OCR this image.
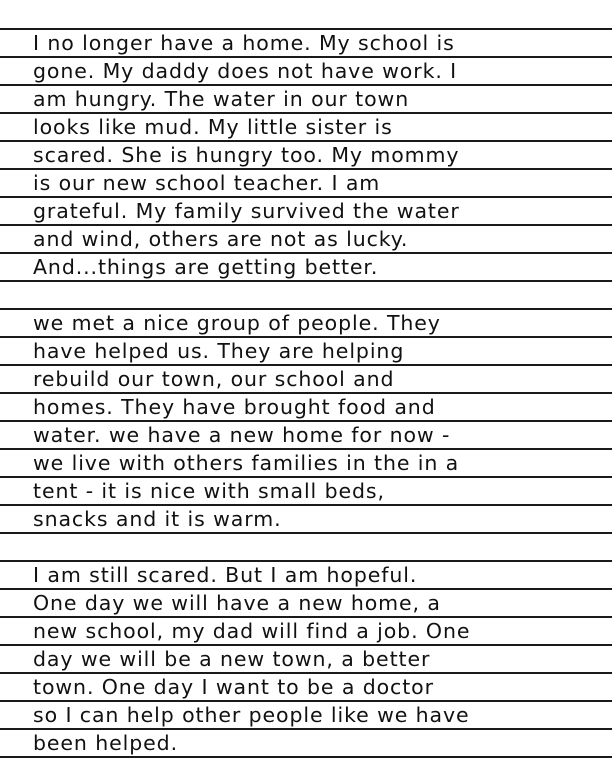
I no longer have a home. My school is
gone. My daddy does not have work. I
am hungry. The water in our town
looks like mud. My little sister is
scared. She is hungry too. My mommy
is our new school teacher. I am
grateful. My family survived the water
and wind, others are not as lucky.
And...things are getting better.
we met a nice group of people. They
have helped us. They are helping
rebuild our town, our school and
homes. They have brought food and
water. we have a new home for now -
we live with others families in the in a
tent - it is nice with small beds,
snacks and it is warm.
I am still scared. But I am hopeful.
One day we will have a new home, a
new school, my dad will find a job. One
day we will be a new town, a better
town. One day I want to be a doctor
so I can help other people like we have
been helped.
